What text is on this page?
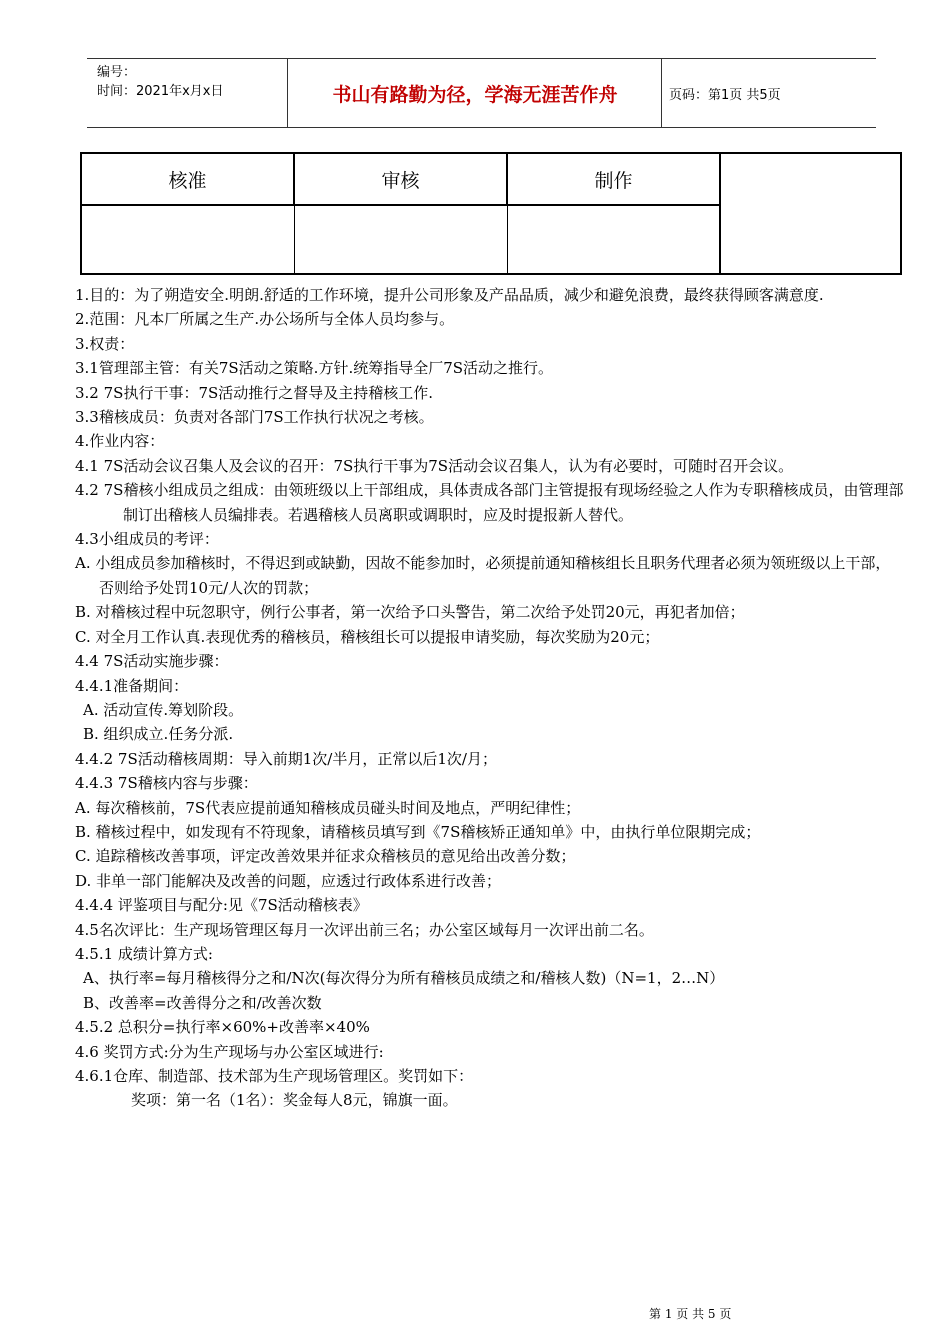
编号：
时间：2021年x月x日	书山有路勤为径，学海无涯苦作舟	页码：第1页 共5页
核准	审核	制作

1.目的：为了朔造安全.明朗.舒适的工作环境，提升公司形象及产品品质，减少和避免浪费，最终获得顾客满意度.

2.范围：凡本厂所属之生产.办公场所与全体人员均参与。

3.权责：

3.1管理部主管：有关7S活动之策略.方针.统筹指导全厂7S活动之推行。

3.2 7S执行干事：7S活动推行之督导及主持稽核工作.

3.3稽核成员：负责对各部门7S工作执行状况之考核。

4.作业内容：

4.1 7S活动会议召集人及会议的召开：7S执行干事为7S活动会议召集人，认为有必要时，可随时召开会议。

4.2 7S稽核小组成员之组成：由领班级以上干部组成，具体责成各部门主管提报有现场经验之人作为专职稽核成员，由管理部制订出稽核人员编排表。若遇稽核人员离职或调职时，应及时提报新人替代。

4.3小组成员的考评：

A. 小组成员参加稽核时，不得迟到或缺勤，因故不能参加时，必须提前通知稽核组长且职务代理者必须为领班级以上干部，否则给予处罚10元/人次的罚款；

B. 对稽核过程中玩忽职守，例行公事者，第一次给予口头警告，第二次给予处罚20元，再犯者加倍；

C. 对全月工作认真.表现优秀的稽核员，稽核组长可以提报申请奖励，每次奖励为20元；

4.4 7S活动实施步骤：

4.4.1准备期间：

A. 活动宣传.筹划阶段。

B. 组织成立.任务分派.

4.4.2 7S活动稽核周期：导入前期1次/半月，正常以后1次/月；

4.4.3 7S稽核内容与步骤：

A. 每次稽核前，7S代表应提前通知稽核成员碰头时间及地点，严明纪律性；

B. 稽核过程中，如发现有不符现象，请稽核员填写到《7S稽核矫正通知单》中，由执行单位限期完成；

C. 追踪稽核改善事项，评定改善效果并征求众稽核员的意见给出改善分数；

D. 非单一部门能解决及改善的问题，应透过行政体系进行改善；

4.4.4 评鉴项目与配分:见《7S活动稽核表》

4.5名次评比：生产现场管理区每月一次评出前三名；办公室区域每月一次评出前二名。

4.5.1 成绩计算方式:

A、执行率=每月稽核得分之和/N次(每次得分为所有稽核员成绩之和/稽核人数)（N=1，2…N）

B、改善率=改善得分之和/改善次数

4.5.2 总积分=执行率×60%+改善率×40%

4.6 奖罚方式:分为生产现场与办公室区域进行:

4.6.1仓库、制造部、技术部为生产现场管理区。奖罚如下：

奖项：第一名（1名）：奖金每人8元，锦旗一面。

第 1 页 共 5 页
